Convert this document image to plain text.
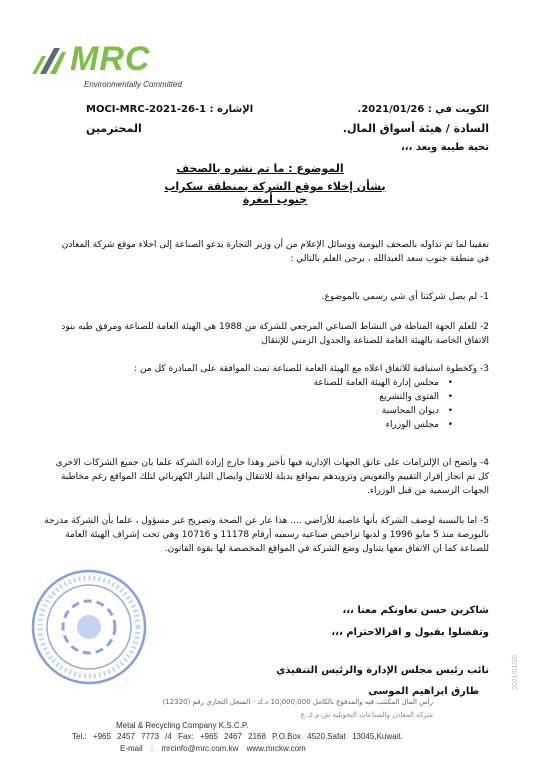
MRC
Environmentally Committed
الكويت في : 2021/01/26.
الإشارة : MOCI-MRC-2021-26-1
السادة / هيئة أسواق المال.
المحترمين
تحية طيبة وبعد ،،،
الموضوع : ما تم نشره بالصحف
بشأن إخلاء موقع الشركة بمنطقة سكراب جنوب أمغرة

تعقيبا لما تم تداوله بالصحف اليومية ووسائل الإعلام من أن وزير التجارة يدعو الصناعة إلى اخلاء موقع شركة المعادن في منطقة جنوب سعد العبدالله ، يرجى العلم بالتالي :

1- لم يصل شركتنا أي شي رسمي بالموضوع.

2- للعلم الجهة المناطة في النشاط الصناعي المرجعي للشركة من 1988 هي الهيئة العامة للصناعة ومرفق طيه بنود الاتفاق الخاصة بالهيئة العامة للصناعة والجدول الزمني للإنتقال

3- وكخطوة استباقية للاتفاق اعلاه مع الهيئة العامة للصناعة تمت الموافقة على المبادرة كل من :

• مجلس إدارة الهيئة العامة للصناعة
• الفتوى والتشريع
• ديوان المحاسبة
• مجلس الوزراء

4- واتضح ان الإلتزامات على عاتق الجهات الإدارية فيها تأخير وهذا خارج إرادة الشركة علما بان جميع الشركات الاخرى كل تم انجاز إقرار التقييم والتعويض وتزويدهم بمواقع بديلة للانتقال وايصال التيار الكهربائي لتلك المواقع رغم مخاطبة الجهات الرسمية من قبل الوزراء.

5- اما بالنسبة لوصف الشركة بأنها غاصبة للأراضي .... هذا عار عن الصحة وتصريح غير مسؤول ، علما بأن الشركة مدرجة بالبورصة منذ 5 مايو 1996 و لديها تراخيص صناعيه رسميه أرقام 11178 و 10716 وهي تحت إشراف الهيئة العامة للصناعة كما ان الاتفاق معها يتناول وضع الشركة في المواقع المخصصة لها بقوة القانون.

شاكرين حسن تعاونكم معنا ،،،
وتفضلوا بقبول و افرالاحترام ،،،
نائب رئيس مجلس الإدارة والرئيس التنفيذي
طارق ابراهيم الموسى
رأس المال المكتتب فيه والمدفوع بالكامل 10,000,000 د.ك - السجل التجاري رقم (12320)
شركة المعادن والصناعات التحويلية ش.م.ك.ع
Metal & Recycling Company K.S.C.P.
Tel.: +965 2457 7773 /4 Fax: +965 2467 2168 P.O.Box 4520,Safat 13045,Kuwait.
E-mail : mrcinfo@mrc.com.kw www.mrckw.com
2021/01/26
